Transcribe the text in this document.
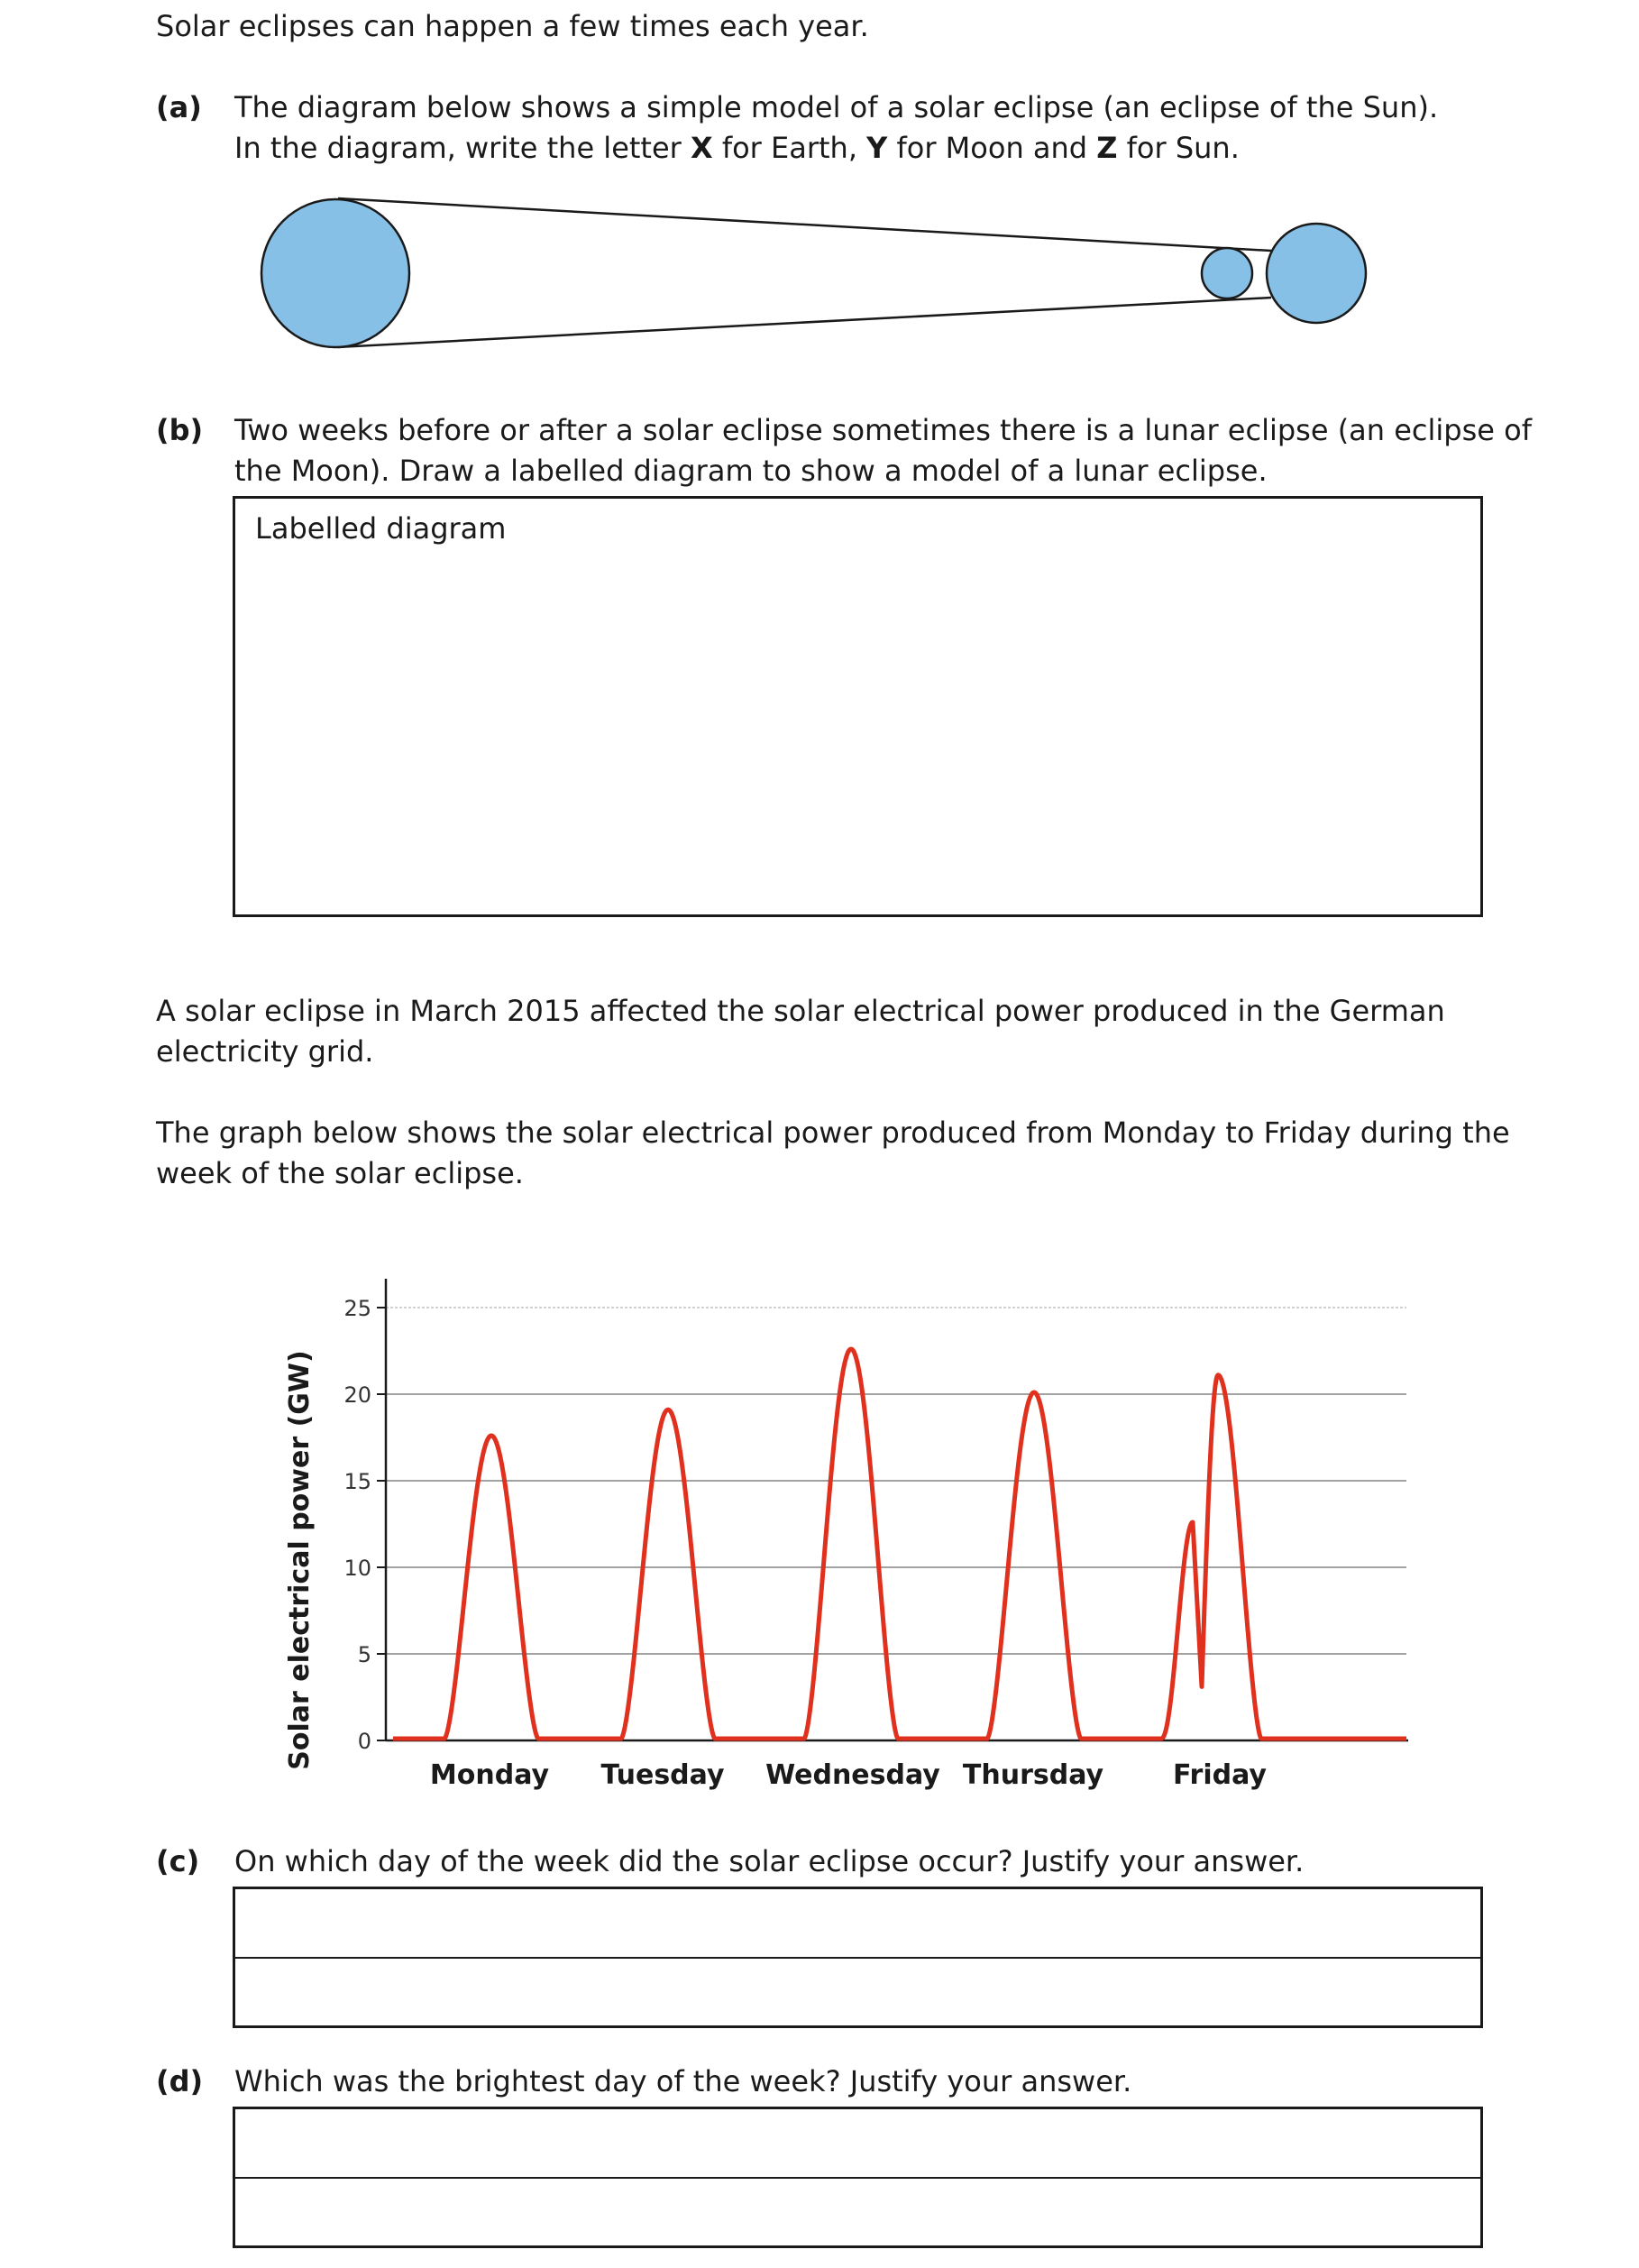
Solar eclipses can happen a few times each year.
(a) The diagram below shows a simple model of a solar eclipse (an eclipse of the Sun).
In the diagram, write the letter X for Earth, Y for Moon and Z for Sun.
(b) Two weeks before or after a solar eclipse sometimes there is a lunar eclipse (an eclipse of
the Moon). Draw a labelled diagram to show a model of a lunar eclipse.
Labelled diagram
A solar eclipse in March 2015 affected the solar electrical power produced in the German
electricity grid.
The graph below shows the solar electrical power produced from Monday to Friday during the
week of the solar eclipse.
0
5
10
15
20
25
Solar electrical power (GW)
Monday Tuesday Wednesday Thursday	Friday
(c) On which day of the week did the solar eclipse occur? Justify your answer.
(d) Which was the brightest day of the week? Justify your answer.
